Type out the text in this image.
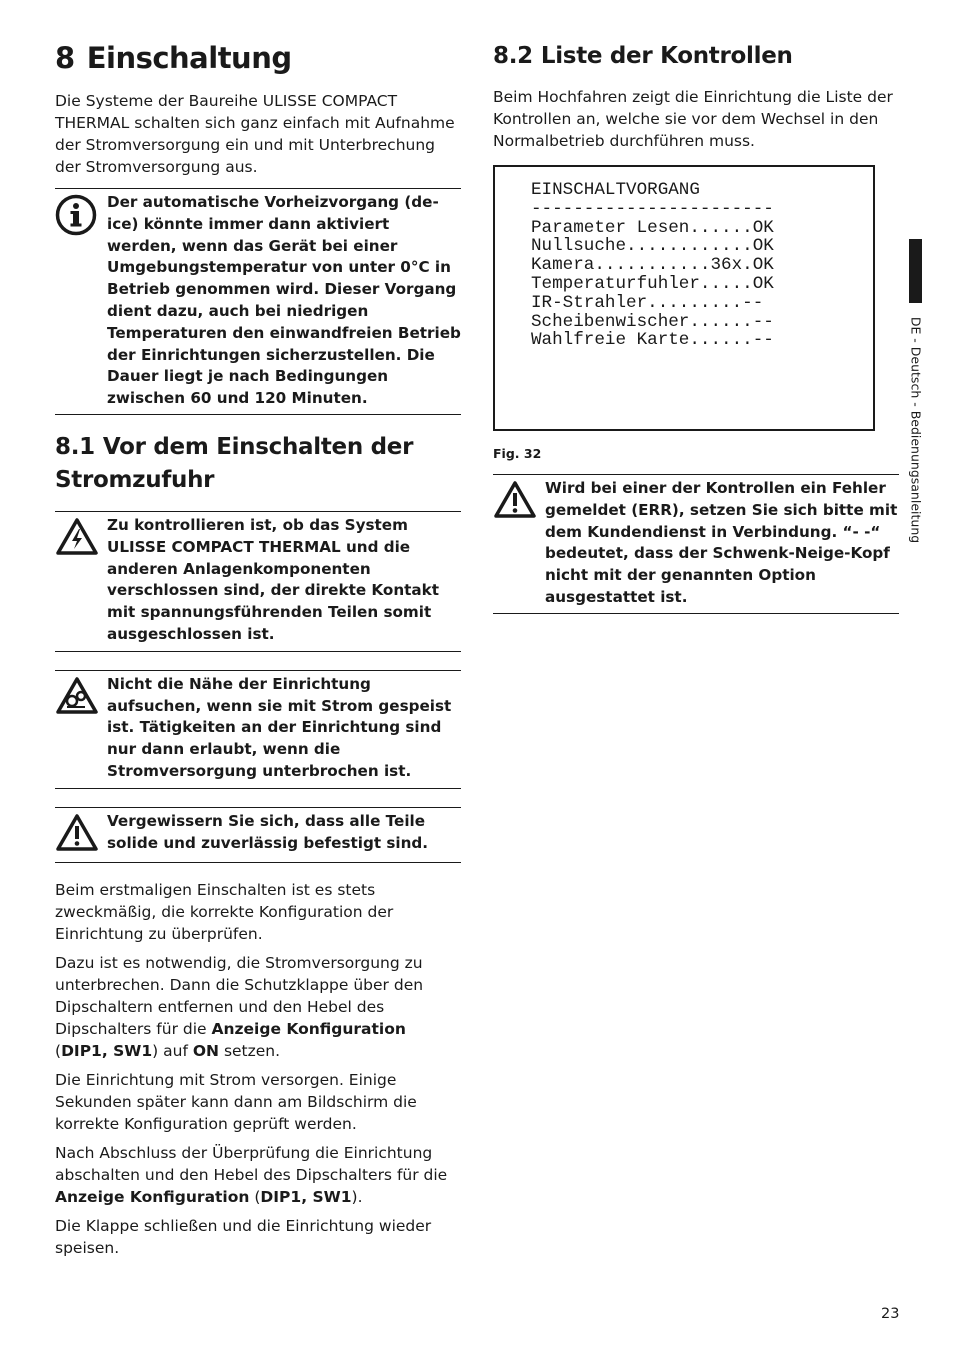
8 Einschaltung

Die Systeme der Baureihe ULISSE COMPACT THERMAL schalten sich ganz einfach mit Aufnahme der Stromversorgung ein und mit Unterbrechung der Stromversorgung aus.

Der automatische Vorheizvorgang (de-ice) könnte immer dann aktiviert werden, wenn das Gerät bei einer Umgebungstemperatur von unter 0°C in Betrieb genommen wird. Dieser Vorgang dient dazu, auch bei niedrigen Temperaturen den einwandfreien Betrieb der Einrichtungen sicherzustellen. Die Dauer liegt je nach Bedingungen zwischen 60 und 120 Minuten.
8.1 Vor dem Einschalten der
Stromzufuhr
Zu kontrollieren ist, ob das System ULISSE COMPACT THERMAL und die anderen Anlagenkomponenten verschlossen sind, der direkte Kontakt mit spannungsführenden Teilen somit ausgeschlossen ist.
Nicht die Nähe der Einrichtung aufsuchen, wenn sie mit Strom gespeist ist. Tätigkeiten an der Einrichtung sind nur dann erlaubt, wenn die Stromversorgung unterbrochen ist.
Vergewissern Sie sich, dass alle Teile solide und zuverlässig befestigt sind.

Beim erstmaligen Einschalten ist es stets zweckmäßig, die korrekte Konfiguration der Einrichtung zu überprüfen.

Dazu ist es notwendig, die Stromversorgung zu unterbrechen. Dann die Schutzklappe über den Dipschaltern entfernen und den Hebel des Dipschalters für die Anzeige Konfiguration (DIP1, SW1) auf ON setzen.

Die Einrichtung mit Strom versorgen. Einige Sekunden später kann dann am Bildschirm die korrekte Konfiguration geprüft werden.

Nach Abschluss der Überprüfung die Einrichtung abschalten und den Hebel des Dipschalters für die Anzeige Konfiguration (DIP1, SW1).

Die Klappe schließen und die Einrichtung wieder speisen.

8.2 Liste der Kontrollen

Beim Hochfahren zeigt die Einrichtung die Liste der Kontrollen an, welche sie vor dem Wechsel in den Normalbetrieb durchführen muss.

EINSCHALTVORGANG
-----------------------
Parameter Lesen......OK
Nullsuche............OK
Kamera...........36x.OK
Temperaturfuhler.....OK
IR-Strahler.........--
Scheibenwischer......--
Wahlfreie Karte......--
Fig. 32
Wird bei einer der Kontrollen ein Fehler gemeldet (ERR), setzen Sie sich bitte mit dem Kundendienst in Verbindung. “- -“ bedeutet, dass der Schwenk-Neige-Kopf nicht mit der genannten Option ausgestattet ist.
DE - Deutsch - Bedienungsanleitung
23
